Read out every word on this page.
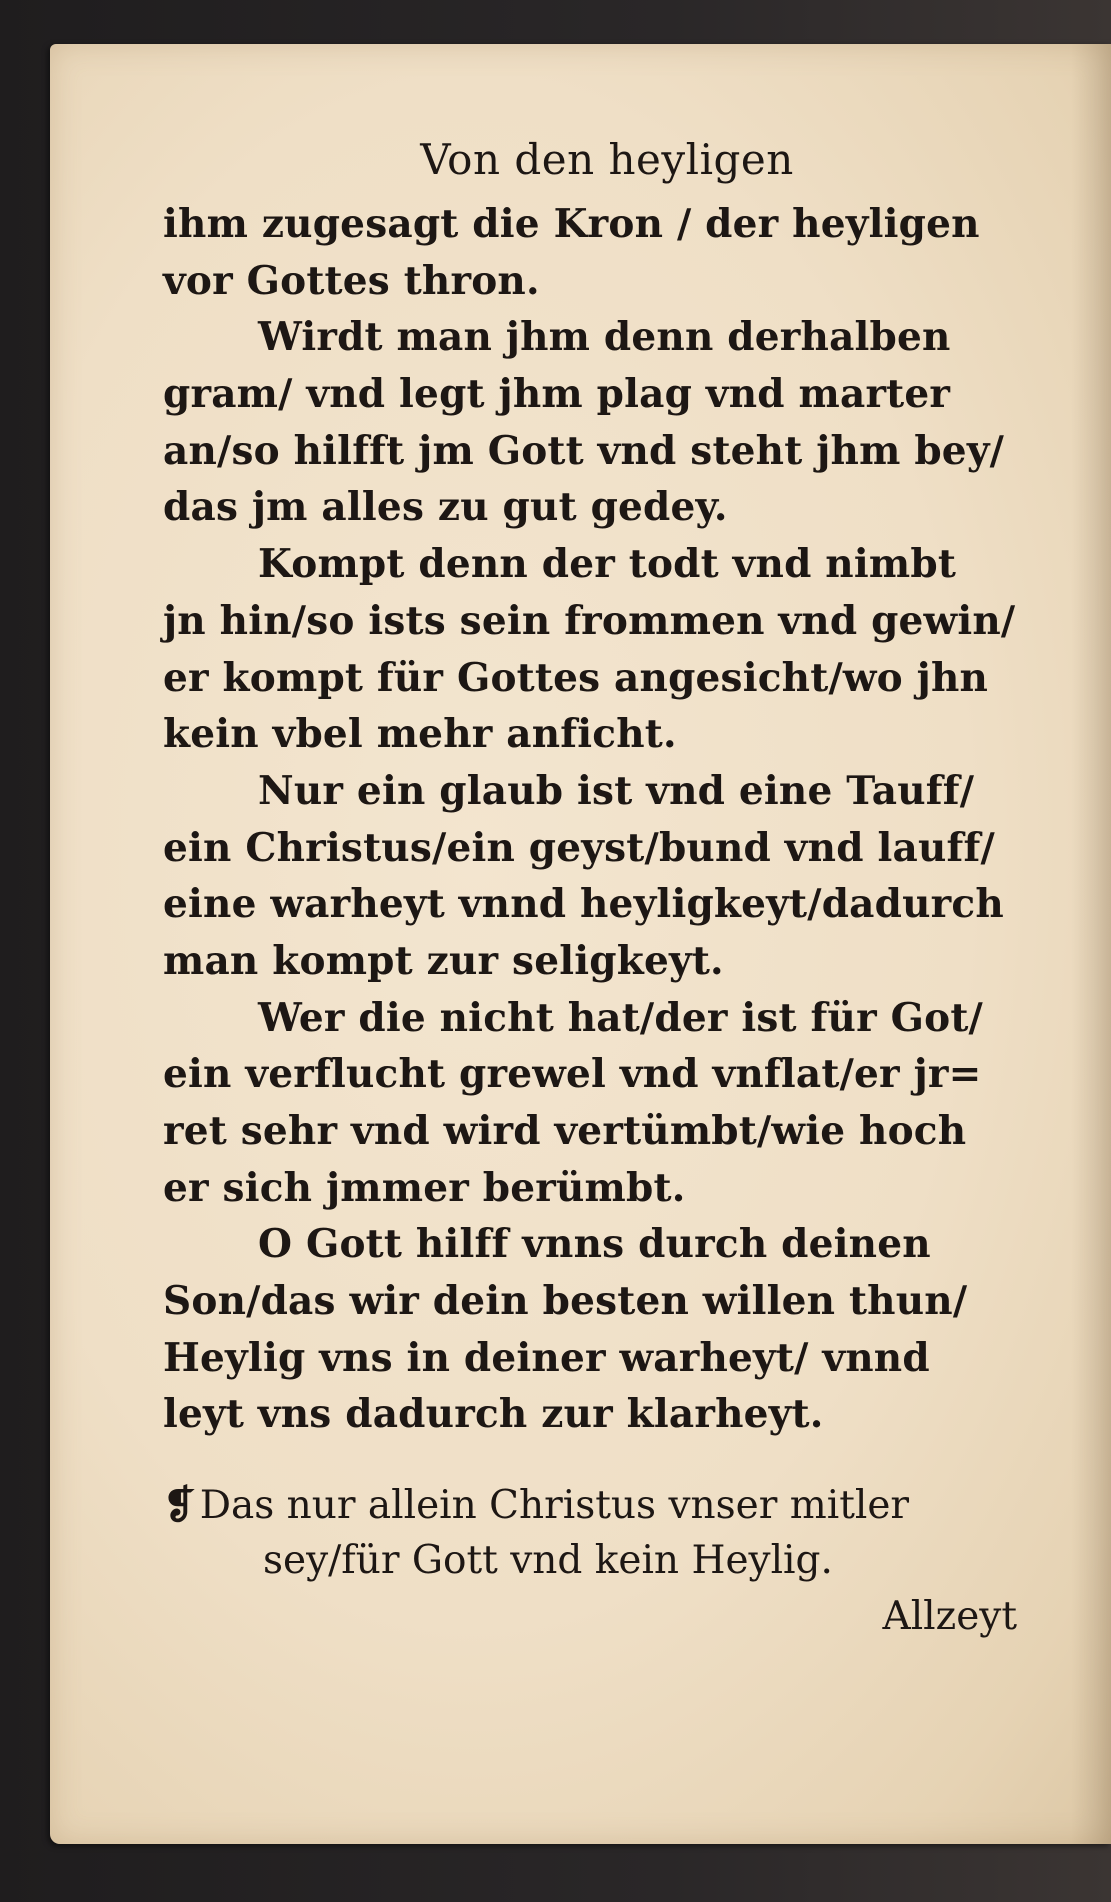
Von den heyligen
ihm zugesagt die Kron / der heyligen
vor Gottes thron.
Wirdt man jhm denn derhalben
gram/ vnd legt jhm plag vnd marter
an/so hilfft jm Gott vnd steht jhm bey/
das jm alles zu gut gedey.
Kompt denn der todt vnd nimbt
jn hin/so ists sein frommen vnd gewin/
er kompt für Gottes angesicht/wo jhn
kein vbel mehr anficht.
Nur ein glaub ist vnd eine Tauff/
ein Christus/ein geyst/bund vnd lauff/
eine warheyt vnnd heyligkeyt/dadurch
man kompt zur seligkeyt.
Wer die nicht hat/der ist für Got/
ein verflucht grewel vnd vnflat/er jr=
ret sehr vnd wird vertümbt/wie hoch
er sich jmmer berümbt.
O Gott hilff vnns durch deinen
Son/das wir dein besten willen thun/
Heylig vns in deiner warheyt/ vnnd
leyt vns dadurch zur klarheyt.
❡ Das nur allein Christus vnser mitler
sey/für Gott vnd kein Heylig.
Allzeyt
